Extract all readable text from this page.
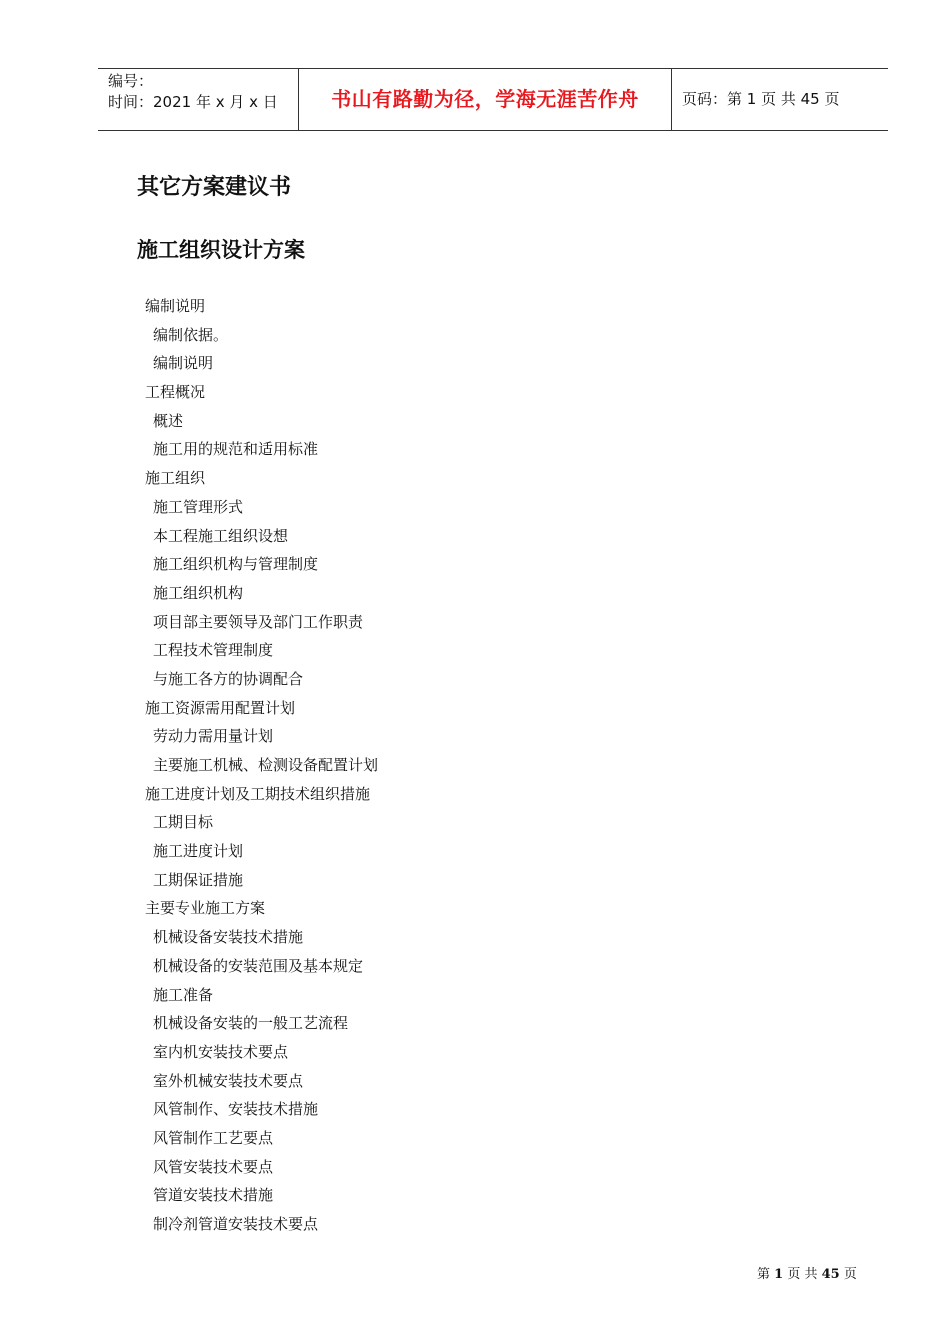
编号：
时间：2021 年 x 月 x 日	书山有路勤为径，学海无涯苦作舟	页码：第 1 页 共 45 页
其它方案建议书
施工组织设计方案
编制说明
编制依据。
编制说明
工程概况
概述
施工用的规范和适用标准
施工组织
施工管理形式
本工程施工组织设想
施工组织机构与管理制度
施工组织机构
项目部主要领导及部门工作职责
工程技术管理制度
与施工各方的协调配合
施工资源需用配置计划
劳动力需用量计划
主要施工机械、检测设备配置计划
施工进度计划及工期技术组织措施
工期目标
施工进度计划
工期保证措施
主要专业施工方案
机械设备安装技术措施
机械设备的安装范围及基本规定
施工准备
机械设备安装的一般工艺流程
室内机安装技术要点
室外机械安装技术要点
风管制作、安装技术措施
风管制作工艺要点
风管安装技术要点
管道安装技术措施
制冷剂管道安装技术要点
第 1 页 共 45 页
